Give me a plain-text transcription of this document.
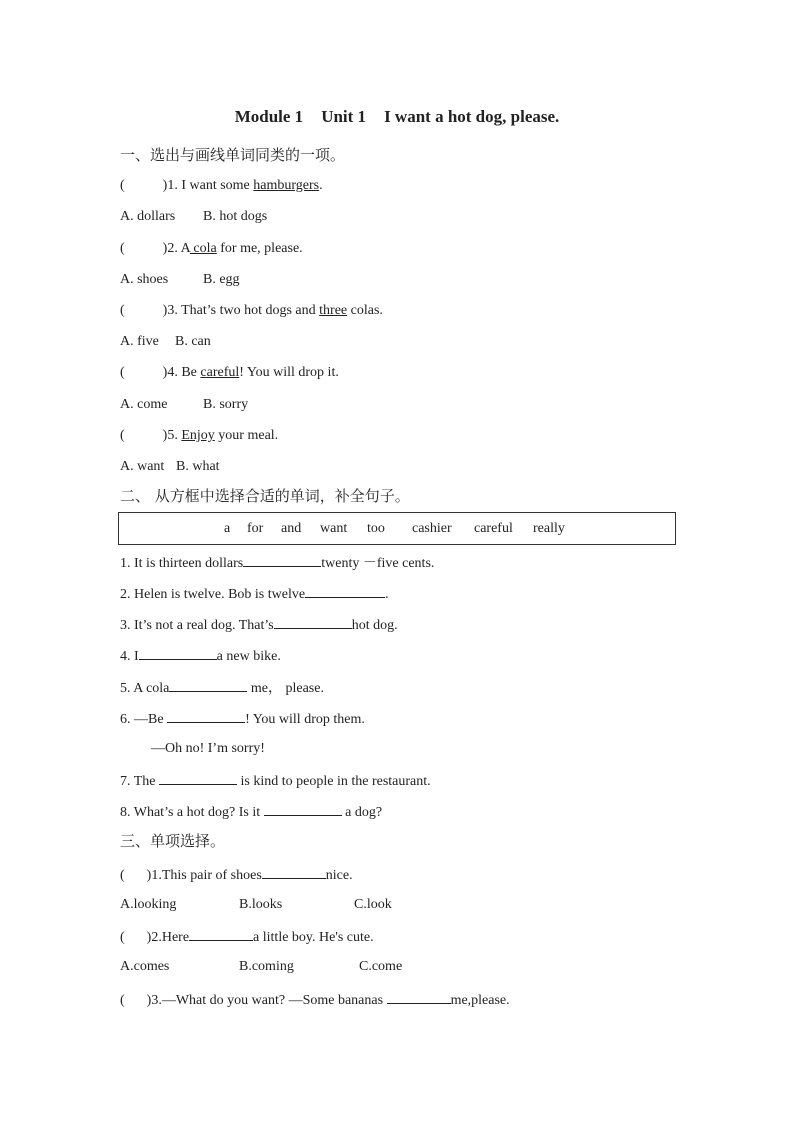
Module 1 Unit 1 I want a hot dog, please.
一、选出与画线单词同类的一项。
(	)1. I want some hamburgers.
A. dollars B. hot dogs
(	)2. A cola for me, please.
A. shoes B. egg
(	)3. That’s two hot dogs and three colas.
A. five B. can
(	)4. Be careful! You will drop it.
A. come	B. sorry
(	)5. Enjoy your meal.
A. want B. what
二、 从方框中选择合适的单词，补全句子。
a for and want too cashier careful really
1. It is thirteen dollars	twenty －five cents.
2. Helen is twelve. Bob is twelve	.
3. It’s not a real dog. That’s	hot dog.
4. I	a new bike.
5. A cola	me， please.
6. —Be	! You will drop them.
—Oh no! I’m sorry!
7. The	is kind to people in the restaurant.
8. What’s a hot dog? Is it	a dog?
三、单项选择。
( )1.This pair of shoes	nice.
A.looking	B.looks	C.look
( )2.Here	a little boy. He's cute.
A.comes	B.coming	C.come
( )3.—What do you want? —Some bananas	me,please.
